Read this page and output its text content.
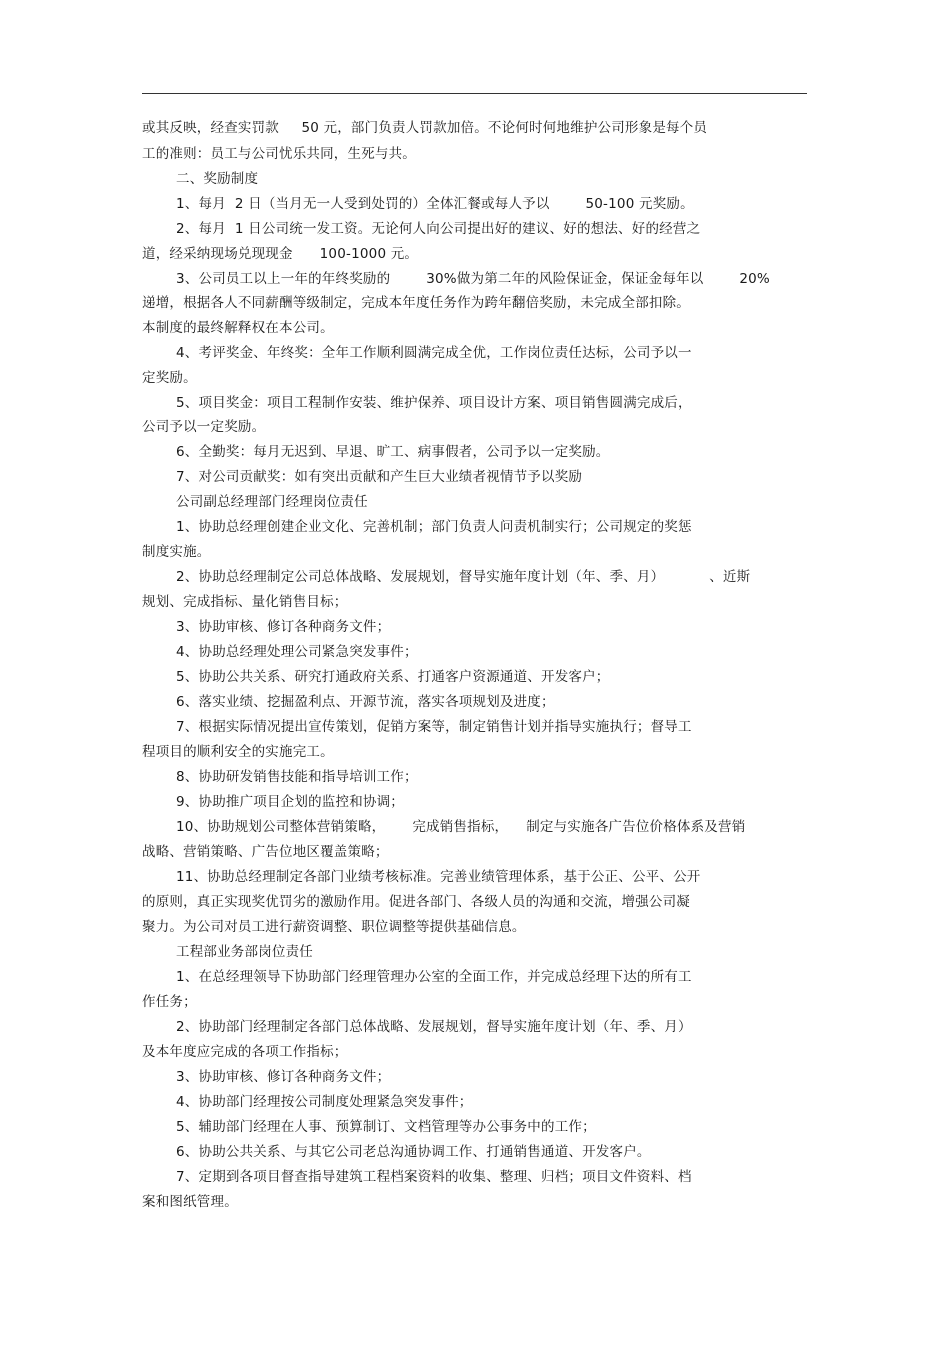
或其反映，经查实罚款     50 元，部门负责人罚款加倍。不论何时何地维护公司形象是每个员
工的准则：员工与公司忧乐共同，生死与共。
二、奖励制度
1、每月  2 日（当月无一人受到处罚的）全体汇餐或每人予以        50-100 元奖励。
2、每月  1 日公司统一发工资。无论何人向公司提出好的建议、好的想法、好的经营之
道，经采纳现场兑现现金      100-1000 元。
3、公司员工以上一年的年终奖励的        30%做为第二年的风险保证金，保证金每年以        20%
递增，根据各人不同薪酬等级制定，完成本年度任务作为跨年翻倍奖励，未完成全部扣除。
本制度的最终解释权在本公司。
4、考评奖金、年终奖：全年工作顺利圆满完成全优，工作岗位责任达标，公司予以一
定奖励。
5、项目奖金：项目工程制作安装、维护保养、项目设计方案、项目销售圆满完成后，
公司予以一定奖励。
6、全勤奖：每月无迟到、早退、旷工、病事假者，公司予以一定奖励。
7、对公司贡献奖：如有突出贡献和产生巨大业绩者视情节予以奖励
公司副总经理部门经理岗位责任
1、协助总经理创建企业文化、完善机制；部门负责人问责机制实行；公司规定的奖惩
制度实施。
2、协助总经理制定公司总体战略、发展规划，督导实施年度计划（年、季、月）          、近斯
规划、完成指标、量化销售目标；
3、协助审核、修订各种商务文件；
4、协助总经理处理公司紧急突发事件；
5、协助公共关系、研究打通政府关系、打通客户资源通道、开发客户；
6、落实业绩、挖掘盈利点、开源节流，落实各项规划及进度；
7、根据实际情况提出宣传策划，促销方案等，制定销售计划并指导实施执行；督导工
程项目的顺利安全的实施完工。
8、协助研发销售技能和指导培训工作；
9、协助推广项目企划的监控和协调；
10、协助规划公司整体营销策略，      完成销售指标，    制定与实施各广告位价格体系及营销
战略、营销策略、广告位地区覆盖策略；
11、协助总经理制定各部门业绩考核标准。完善业绩管理体系，基于公正、公平、公开
的原则，真正实现奖优罚劣的激励作用。促进各部门、各级人员的沟通和交流，增强公司凝
聚力。为公司对员工进行薪资调整、职位调整等提供基础信息。
工程部业务部岗位责任
1、在总经理领导下协助部门经理管理办公室的全面工作，并完成总经理下达的所有工
作任务；
2、协助部门经理制定各部门总体战略、发展规划，督导实施年度计划（年、季、月）
及本年度应完成的各项工作指标；
3、协助审核、修订各种商务文件；
4、协助部门经理按公司制度处理紧急突发事件；
5、辅助部门经理在人事、预算制订、文档管理等办公事务中的工作；
6、协助公共关系、与其它公司老总沟通协调工作、打通销售通道、开发客户。
7、定期到各项目督查指导建筑工程档案资料的收集、整理、归档；项目文件资料、档
案和图纸管理。
